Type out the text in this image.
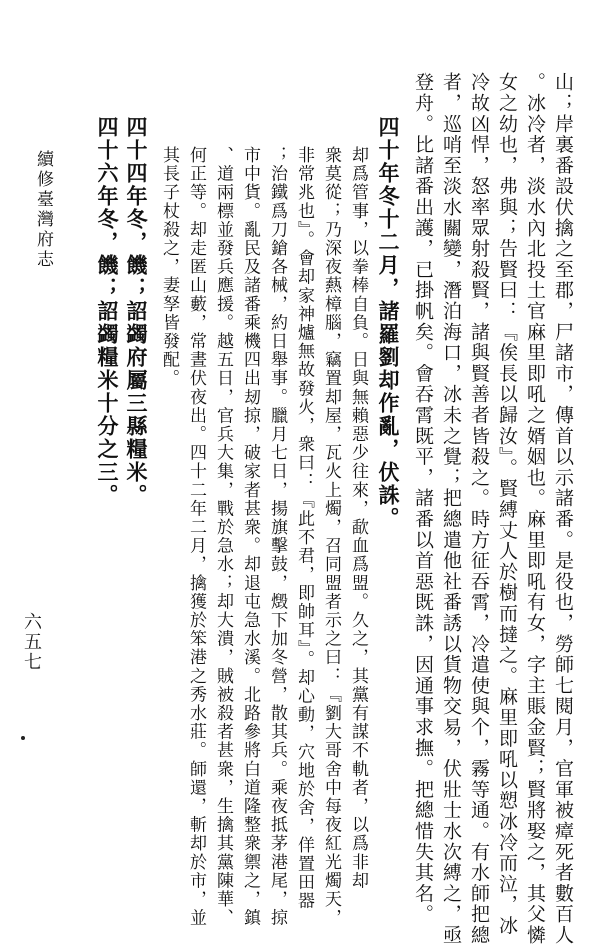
山；岸裏番設伏擒之至郡，尸諸市，傳首以示諸番。是役也，勞師七閱月，官軍被瘴死者數百人
。冰冷者，淡水內北投土官麻里即吼之婿姻也。麻里即吼有女，字主賬金賢；賢將娶之，其父憐
女之幼也，弗與；告賢曰：『俟長以歸汝』。賢縛丈人於樹而撻之。麻里即吼以愬冰冷而泣，冰
冷故凶悍，怒率眾射殺賢，諸與賢善者皆殺之。時方征吞霄，冷遣使與个，霧等通。有水師把總
者，巡哨至淡水關變，潛泊海口，冰未之覺；把總遣他社番誘以貨物交易，伏壯士水次縛之，亟
登舟。比諸番出護，已掛帆矣。會吞霄既平，諸番以首惡既誅，因通事求撫。把總惜失其名。
四十年冬十二月，諸羅劉却作亂，伏誅。
却爲管事，以拳棒自負。日與無賴惡少往來，歃血爲盟。久之，其黨有謀不軌者，以爲非却
衆莫從；乃深夜爇樟腦，竊置却屋，瓦火上燭，召同盟者示之曰：『劉大哥舍中每夜紅光燭天，
非常兆也』。會却家神爐無故發火，衆曰：『此不君，即帥耳』。却心動，穴地於舍，佯置田器
；治鐵爲刀鎗各械，約日舉事。臘月七日，揚旗擊鼓，燬下加冬營，散其兵。乘夜抵茅港尾，掠
市中貨。亂民及諸番乘機四出刼掠，破家者甚衆。却退屯急水溪。北路參將白道隆整衆禦之，鎮
、道兩標並發兵應援。越五日，官兵大集，戰於急水；却大潰，賊被殺者甚衆，生擒其黨陳華、
何正等。却走匿山藪，常晝伏夜出。四十二年二月，擒獲於笨港之秀水莊。師還，斬却於市，並
其長子杖殺之，妻孥皆發配。
四十四年冬，饑；詔蠲府屬三縣糧米。
四十六年冬，饑；詔蠲糧米十分之三。
續修臺灣府志
六五七
